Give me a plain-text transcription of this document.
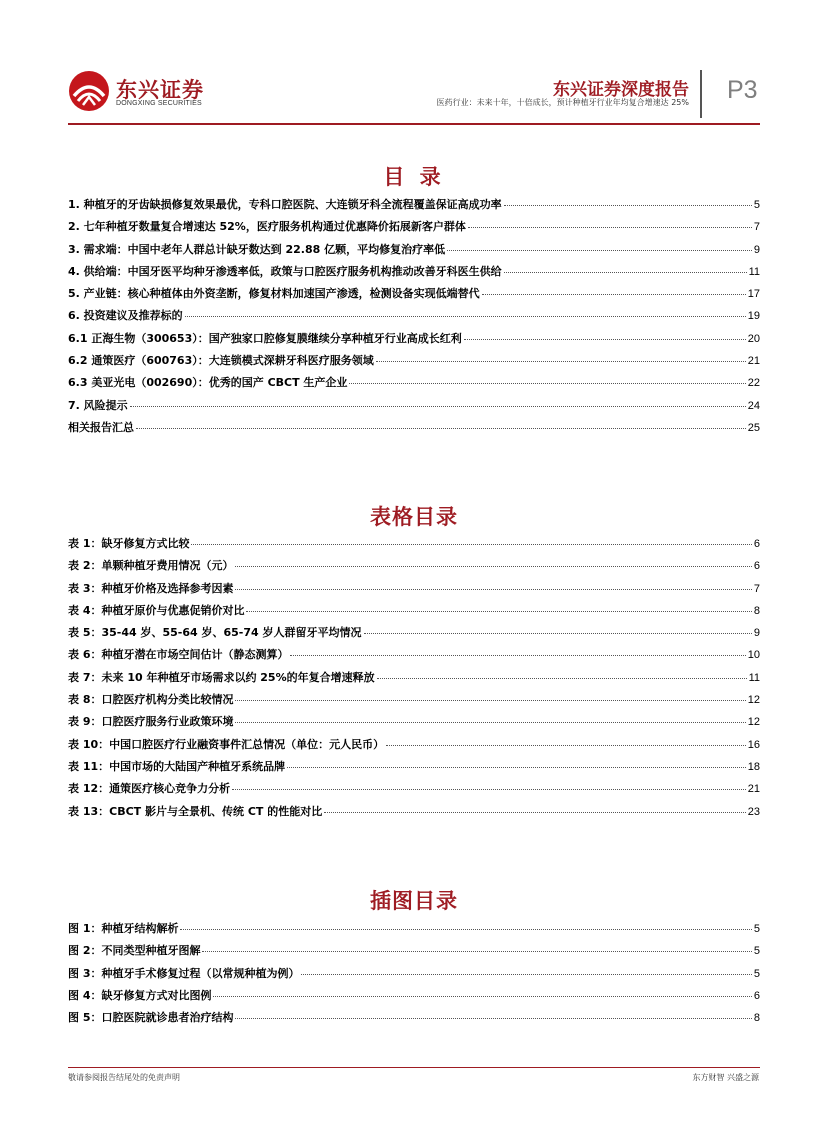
东兴证券
DONGXING SECURITIES
东兴证券深度报告
医药行业：未来十年，十倍成长，预计种植牙行业年均复合增速达 25% P3
目 录
1. 种植牙的牙齿缺损修复效果最优，专科口腔医院、大连锁牙科全流程覆盖保证高成功率	5
2. 七年种植牙数量复合增速达 52%，医疗服务机构通过优惠降价拓展新客户群体	7
3. 需求端：中国中老年人群总计缺牙数达到 22.88 亿颗，平均修复治疗率低	9
4. 供给端：中国牙医平均种牙渗透率低，政策与口腔医疗服务机构推动改善牙科医生供给	11
5. 产业链：核心种植体由外资垄断，修复材料加速国产渗透，检测设备实现低端替代	17
6. 投资建议及推荐标的	19
6.1 正海生物（300653）：国产独家口腔修复膜继续分享种植牙行业高成长红利	20
6.2 通策医疗（600763）：大连锁模式深耕牙科医疗服务领域	21
6.3 美亚光电（002690）：优秀的国产 CBCT 生产企业	22
7. 风险提示	24
相关报告汇总	25
表格目录
表 1：缺牙修复方式比较	6
表 2：单颗种植牙费用情况（元）	6
表 3：种植牙价格及选择参考因素	7
表 4：种植牙原价与优惠促销价对比	8
表 5：35-44 岁、55-64 岁、65-74 岁人群留牙平均情况	9
表 6：种植牙潜在市场空间估计（静态测算）	10
表 7：未来 10 年种植牙市场需求以约 25%的年复合增速释放	11
表 8：口腔医疗机构分类比较情况	12
表 9：口腔医疗服务行业政策环境	12
表 10：中国口腔医疗行业融资事件汇总情况（单位：元人民币）	16
表 11：中国市场的大陆国产种植牙系统品牌	18
表 12：通策医疗核心竞争力分析	21
表 13：CBCT 影片与全景机、传统 CT 的性能对比	23
插图目录
图 1：种植牙结构解析	5
图 2：不同类型种植牙图解	5
图 3：种植牙手术修复过程（以常规种植为例）	5
图 4：缺牙修复方式对比图例	6
图 5：口腔医院就诊患者治疗结构	8
敬请参阅报告结尾处的免责声明	东方财智 兴盛之源
